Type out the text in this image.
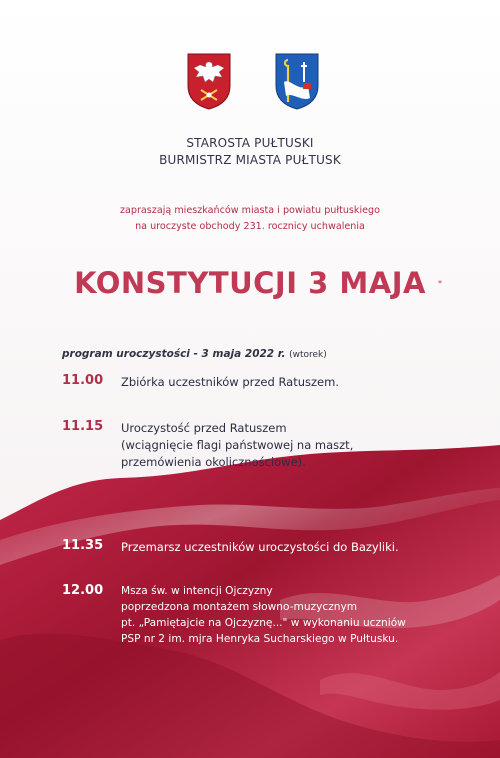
STAROSTA PUŁTUSKI
BURMISTRZ MIASTA PUŁTUSK
zapraszają mieszkańców miasta i powiatu pułtuskiego
na uroczyste obchody 231. rocznicy uchwalenia
KONSTYTUCJI 3 MAJA	*
program uroczystości - 3 maja 2022 r. (wtorek)
11.00	Zbiórka uczestników przed Ratuszem.
11.15	Uroczystość przed Ratuszem
(wciągnięcie flagi państwowej na maszt,
przemówienia okolicznościowe).
11.35	Przemarsz uczestników uroczystości do Bazyliki.
12.00	Msza św. w intencji Ojczyzny
poprzedzona montażem słowno-muzycznym
pt. „Pamiętajcie na Ojczyznę..." w wykonaniu uczniów
PSP nr 2 im. mjra Henryka Sucharskiego w Pułtusku.
